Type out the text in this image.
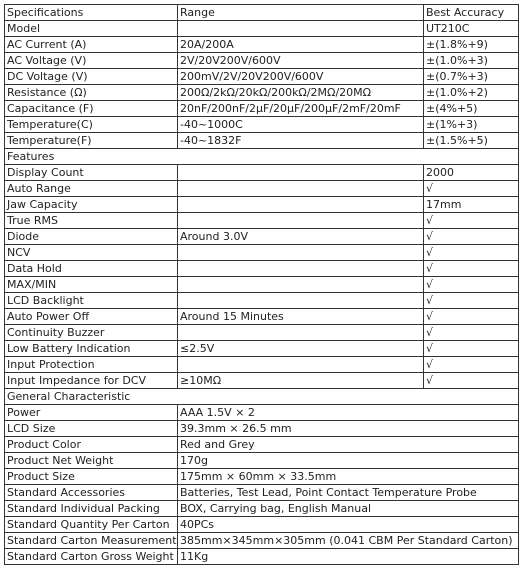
Specifications	Range	Best Accuracy
Model		UT210C
AC Current (A)	20A/200A	±(1.8%+9)
AC Voltage (V)	2V/20V200V/600V	±(1.0%+3)
DC Voltage (V)	200mV/2V/20V200V/600V	±(0.7%+3)
Resistance (Ω)	200Ω/2kΩ/20kΩ/200kΩ/2MΩ/20MΩ	±(1.0%+2)
Capacitance (F)	20nF/200nF/2μF/20μF/200μF/2mF/20mF	±(4%+5)
Temperature(C)	-40~1000C	±(1%+3)
Temperature(F)	-40~1832F	±(1.5%+5)
Features		
Display Count		2000
Auto Range		√
Jaw Capacity		17mm
True RMS		√
Diode	Around 3.0V	√
NCV		√
Data Hold		√
MAX/MIN		√
LCD Backlight		√
Auto Power Off	Around 15 Minutes	√
Continuity Buzzer		√
Low Battery Indication	≤2.5V	√
Input Protection		√
Input Impedance for DCV	≥10MΩ	√
General Characteristic		
Power	AAA 1.5V × 2	
LCD Size	39.3mm × 26.5 mm	
Product Color	Red and Grey	
Product Net Weight	170g	
Product Size	175mm × 60mm × 33.5mm	
Standard Accessories	Batteries, Test Lead, Point Contact Temperature Probe	
Standard Individual Packing	BOX, Carrying bag, English Manual	
Standard Quantity Per Carton	40PCs	
Standard Carton Measurement	385mm×345mm×305mm (0.041 CBM Per Standard Carton)	
Standard Carton Gross Weight	11Kg	
